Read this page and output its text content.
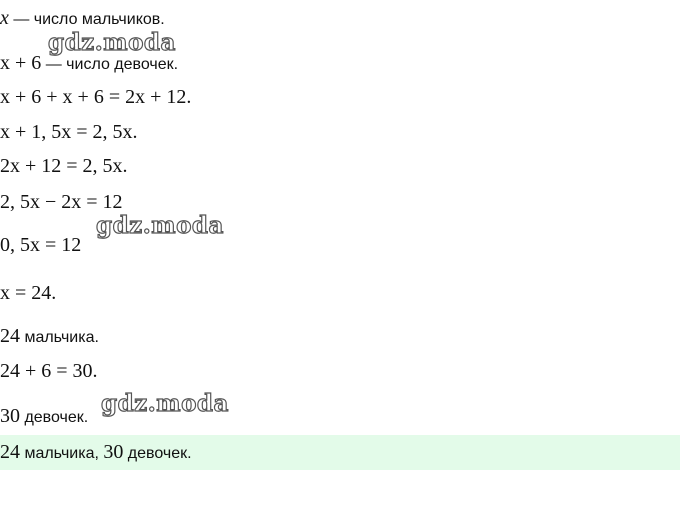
x — число мальчиков.
x + 6 — число девочек.
x + 6 + x + 6 = 2x + 12.
x + 1, 5x = 2, 5x.
2x + 12 = 2, 5x.
2, 5x − 2x = 12
0, 5x = 12
x = 24.
24 мальчика.
24 + 6 = 30.
30 девочек.
24 мальчика, 30 девочек.
gdz.moda
gdz.moda
gdz.moda
